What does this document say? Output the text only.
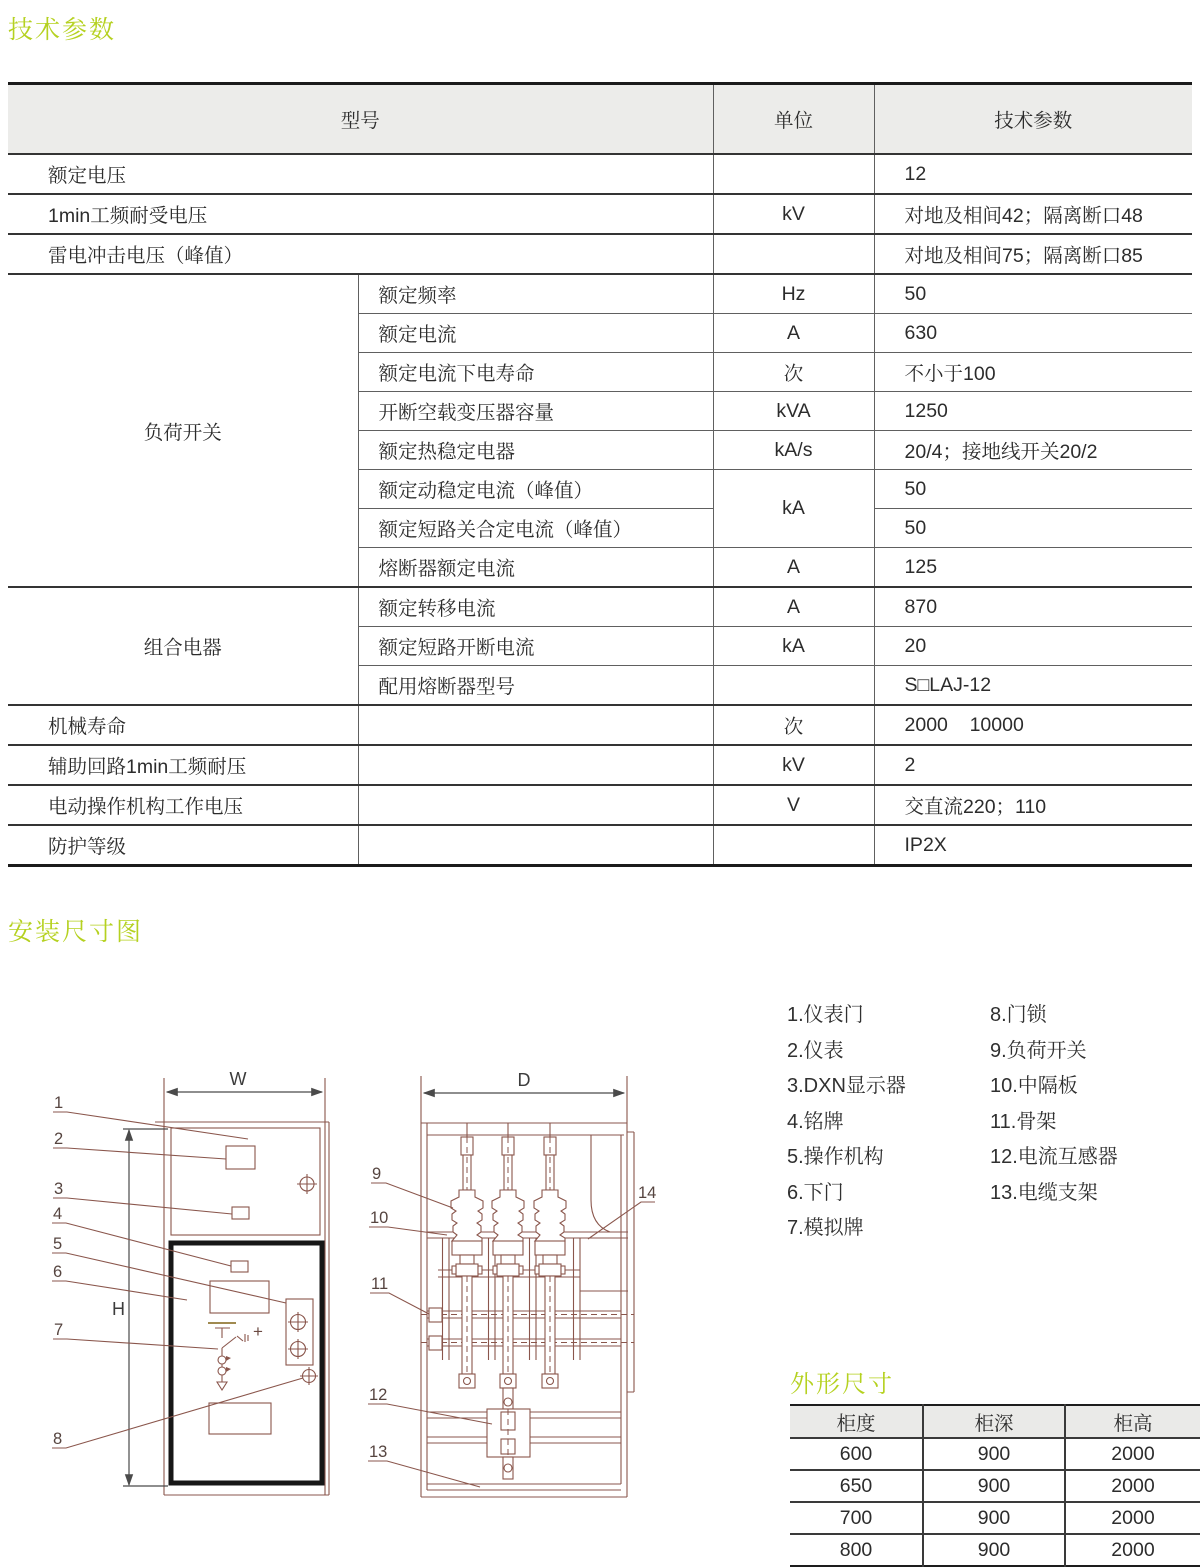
技术参数
安装尺寸图
外形尺寸
型号		单位	技术参数
额定电压			12
1min工频耐受电压		kV	对地及相间42；隔离断口48
雷电冲击电压（峰值）			对地及相间75；隔离断口85
负荷开关	额定频率	Hz	50
	额定电流	A	630
	额定电流下电寿命	次	不小于100
	开断空载变压器容量	kVA	1250
	额定热稳定电器	kA/s	20/4；接地线开关20/2
	额定动稳定电流（峰值）	kA	50
	额定短路关合定电流（峰值）		50
	熔断器额定电流	A	125
组合电器	额定转移电流	A	870
	额定短路开断电流	kA	20
	配用熔断器型号		S□LAJ-12
机械寿命		次	2000    10000
辅助回路1min工频耐压		kV	2
电动操作机构工作电压		V	交直流220；110
防护等级			IP2X
W
H
+
1
2
3
4
5
6
7
8
D
9
10
11
12
13
14
1.仪表门
2.仪表
3.DXN显示器
4.铭牌
5.操作机构
6.下门
7.模拟牌
8.门锁
9.负荷开关
10.中隔板
11.骨架
12.电流互感器
13.电缆支架
柜度	柜深	柜高
600	900	2000
650	900	2000
700	900	2000
800	900	2000
